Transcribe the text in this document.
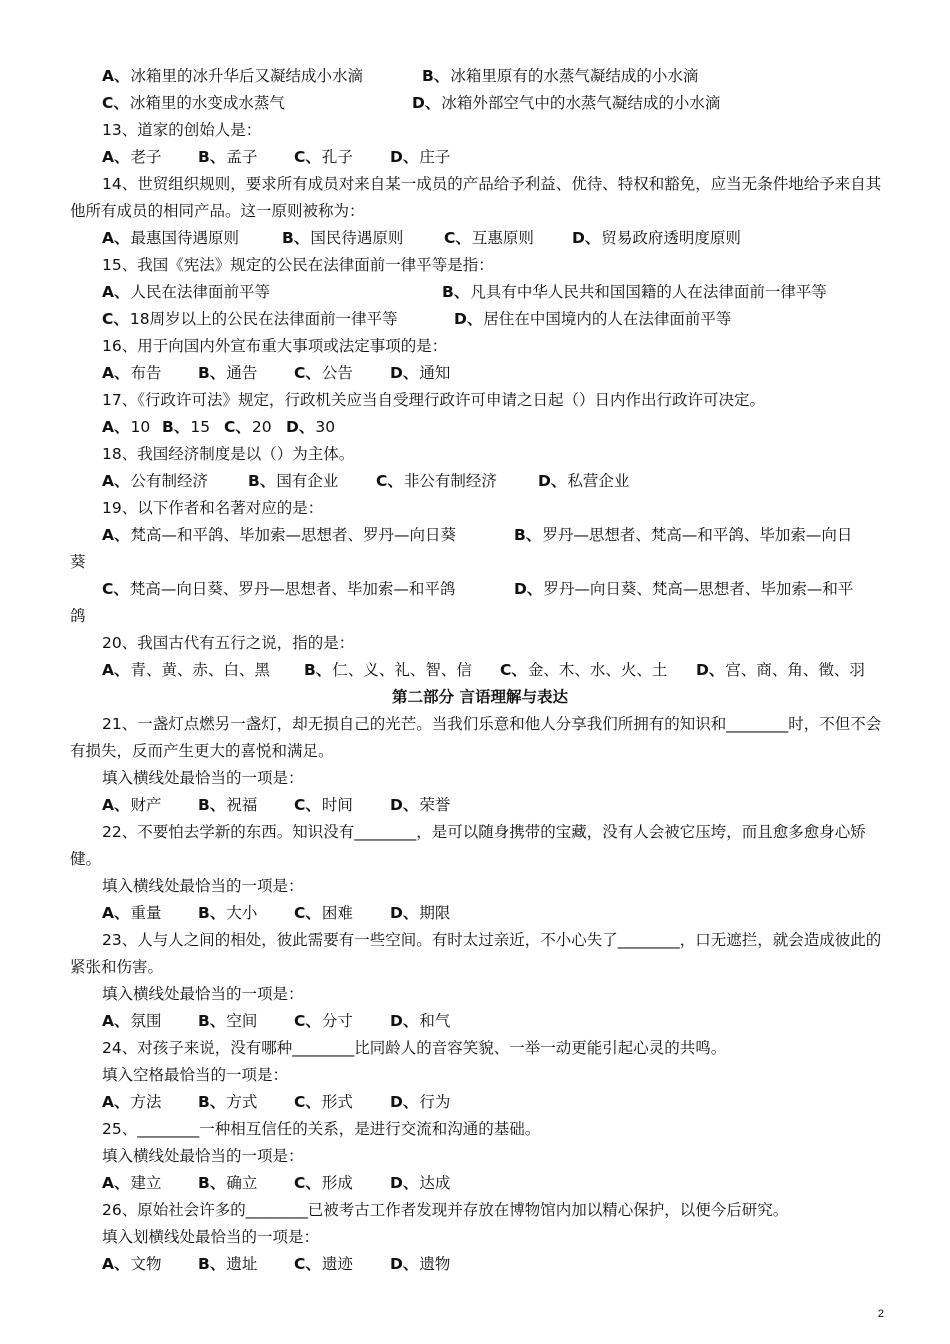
A、冰箱里的冰升华后又凝结成小水滴	B、冰箱里原有的水蒸气凝结成的小水滴
C、冰箱里的水变成水蒸气	D、冰箱外部空气中的水蒸气凝结成的小水滴
13、道家的创始人是：
A、老子 B、孟子 C、孔子 D、庄子
14、世贸组织规则，要求所有成员对来自某一成员的产品给予利益、优待、特权和豁免，应当无条件地给予来自其他所有成员的相同产品。这一原则被称为：
A、最惠国待遇原则	B、国民待遇原则	C、互惠原则 D、贸易政府透明度原则
15、我国《宪法》规定的公民在法律面前一律平等是指：
A、人民在法律面前平等	B、凡具有中华人民共和国国籍的人在法律面前一律平等
C、18周岁以上的公民在法律面前一律平等	D、居住在中国境内的人在法律面前平等
16、用于向国内外宣布重大事项或法定事项的是：
A、布告 B、通告 C、公告 D、通知
17、《行政许可法》规定，行政机关应当自受理行政许可申请之日起（）日内作出行政许可决定。
A、10 B、15 C、20 D、30
18、我国经济制度是以（）为主体。
A、公有制经济	B、国有企业 C、非公有制经济	D、私营企业
19、以下作者和名著对应的是：
A、梵高—和平鸽、毕加索—思想者、罗丹—向日葵	B、罗丹—思想者、梵高—和平鸽、毕加索—向日
葵
C、梵高—向日葵、罗丹—思想者、毕加索—和平鸽	D、罗丹—向日葵、梵高—思想者、毕加索—和平
鸽
20、我国古代有五行之说，指的是：
A、青、黄、赤、白、黑 B、仁、义、礼、智、信 C、金、木、水、火、土 D、宫、商、角、徵、羽
第二部分 言语理解与表达
21、一盏灯点燃另一盏灯，却无损自己的光芒。当我们乐意和他人分享我们所拥有的知识和________时，不但不会有损失，反而产生更大的喜悦和满足。
填入横线处最恰当的一项是：
A、财产 B、祝福 C、时间 D、荣誉
22、不要怕去学新的东西。知识没有________，是可以随身携带的宝藏，没有人会被它压垮，而且愈多愈身心矫健。
填入横线处最恰当的一项是：
A、重量 B、大小 C、困难 D、期限
23、人与人之间的相处，彼此需要有一些空间。有时太过亲近，不小心失了________，口无遮拦，就会造成彼此的紧张和伤害。
填入横线处最恰当的一项是：
A、氛围 B、空间 C、分寸 D、和气
24、对孩子来说，没有哪种________比同龄人的音容笑貌、一举一动更能引起心灵的共鸣。
填入空格最恰当的一项是：
A、方法 B、方式 C、形式 D、行为
25、________一种相互信任的关系，是进行交流和沟通的基础。
填入横线处最恰当的一项是：
A、建立 B、确立 C、形成 D、达成
26、原始社会许多的________已被考古工作者发现并存放在博物馆内加以精心保护，以便今后研究。
填入划横线处最恰当的一项是：
A、文物 B、遗址 C、遗迹 D、遗物
2
